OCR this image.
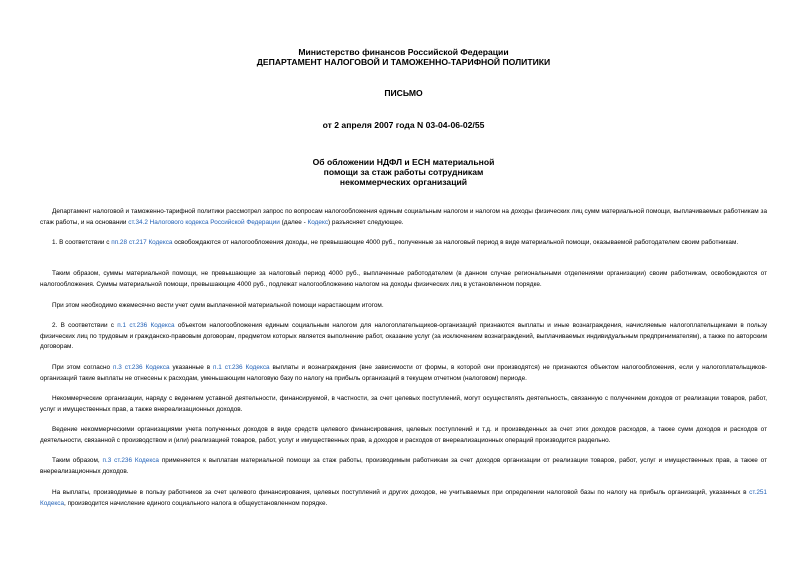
Министерство финансов Российской Федерации
ДЕПАРТАМЕНТ НАЛОГОВОЙ И ТАМОЖЕННО-ТАРИФНОЙ ПОЛИТИКИ
ПИСЬМО
от 2 апреля 2007 года N 03-04-06-02/55
Об обложении НДФЛ и ЕСН материальной
помощи за стаж работы сотрудникам
некоммерческих организаций

Департамент налоговой и таможенно-тарифной политики рассмотрел запрос по вопросам налогообложения единым социальным налогом и налогом на доходы физических лиц сумм материальной помощи, выплачиваемых работникам за стаж работы, и на основании ст.34.2 Налогового кодекса Российской Федерации (далее - Кодекс) разъясняет следующее.

1. В соответствии с пп.28 ст.217 Кодекса освобождаются от налогообложения доходы, не превышающие 4000 руб., полученные за налоговый период в виде материальной помощи, оказываемой работодателем своим работникам.

Таким образом, суммы материальной помощи, не превышающие за налоговый период 4000 руб., выплаченные работодателем (в данном случае региональными отделениями организации) своим работникам, освобождаются от налогообложения. Суммы материальной помощи, превышающие 4000 руб., подлежат налогообложению налогом на доходы физических лиц в установленном порядке.

При этом необходимо ежемесячно вести учет сумм выплаченной материальной помощи нарастающим итогом.

2. В соответствии с п.1 ст.236 Кодекса объектом налогообложения единым социальным налогом для налогоплательщиков-организаций признаются выплаты и иные вознаграждения, начисляемые налогоплательщиками в пользу физических лиц по трудовым и гражданско-правовым договорам, предметом которых является выполнение работ, оказание услуг (за исключением вознаграждений, выплачиваемых индивидуальным предпринимателям), а также по авторским договорам.

При этом согласно п.3 ст.236 Кодекса указанные в п.1 ст.236 Кодекса выплаты и вознаграждения (вне зависимости от формы, в которой они производятся) не признаются объектом налогообложения, если у налогоплательщиков-организаций такие выплаты не отнесены к расходам, уменьшающим налоговую базу по налогу на прибыль организаций в текущем отчетном (налоговом) периоде.

Некоммерческие организации, наряду с ведением уставной деятельности, финансируемой, в частности, за счет целевых поступлений, могут осуществлять деятельность, связанную с получением доходов от реализации товаров, работ, услуг и имущественных прав, а также внереализационных доходов.

Ведение некоммерческими организациями учета полученных доходов в виде средств целевого финансирования, целевых поступлений и т.д. и произведенных за счет этих доходов расходов, а также сумм доходов и расходов от деятельности, связанной с производством и (или) реализацией товаров, работ, услуг и имущественных прав, а доходов и расходов от внереализационных операций производится раздельно.

Таким образом, п.3 ст.236 Кодекса применяется к выплатам материальной помощи за стаж работы, производимым работникам за счет доходов организации от реализации товаров, работ, услуг и имущественных прав, а также от внереализационных доходов.

На выплаты, производимые в пользу работников за счет целевого финансирования, целевых поступлений и других доходов, не учитываемых при определении налоговой базы по налогу на прибыль организаций, указанных в ст.251 Кодекса, производится начисление единого социального налога в общеустановленном порядке.
